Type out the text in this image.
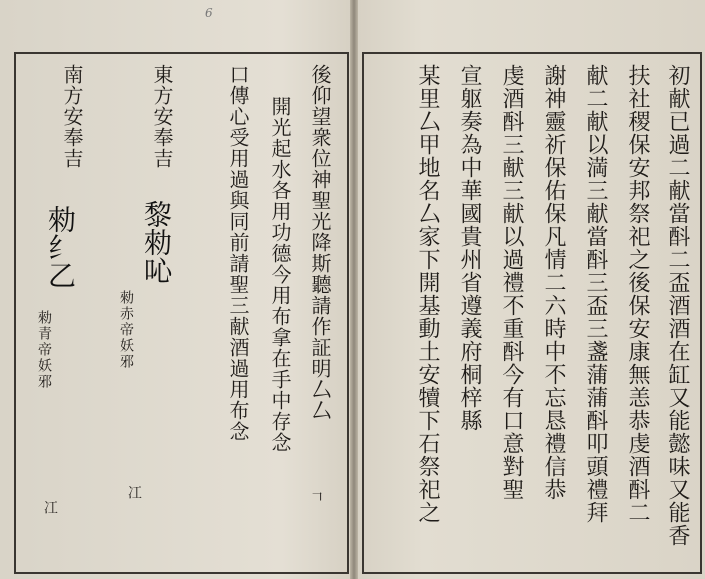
6
初献已過二献當酙二盃酒酒在缸又能懿味又能香
扶社稷保安邦祭祀之後保安康無恙恭虔酒酙二
献二献以満三献當酙三盃三盞蒲蒲酙叩頭禮拜
謝神靈祈保佑保凡情二六時中不忘恳禮信恭
虔酒酙三献三献以過禮不重酙今有口意對聖
宣躯奏為中華國貴州省遵義府桐梓縣
某里厶甲地名厶家下開基動土安犢下石祭祀之
後仰望衆位神聖光降斯聽請作証明厶厶
開光起水各用功德今用布拿在手中存念
口傳心受用過與同前請聖三献酒過用布念
東方安奉吉
勑赤帝妖邪
南方安奉吉
勑青帝妖邪
黎勑吣
勑纟乙
𠃍
冮
冮
